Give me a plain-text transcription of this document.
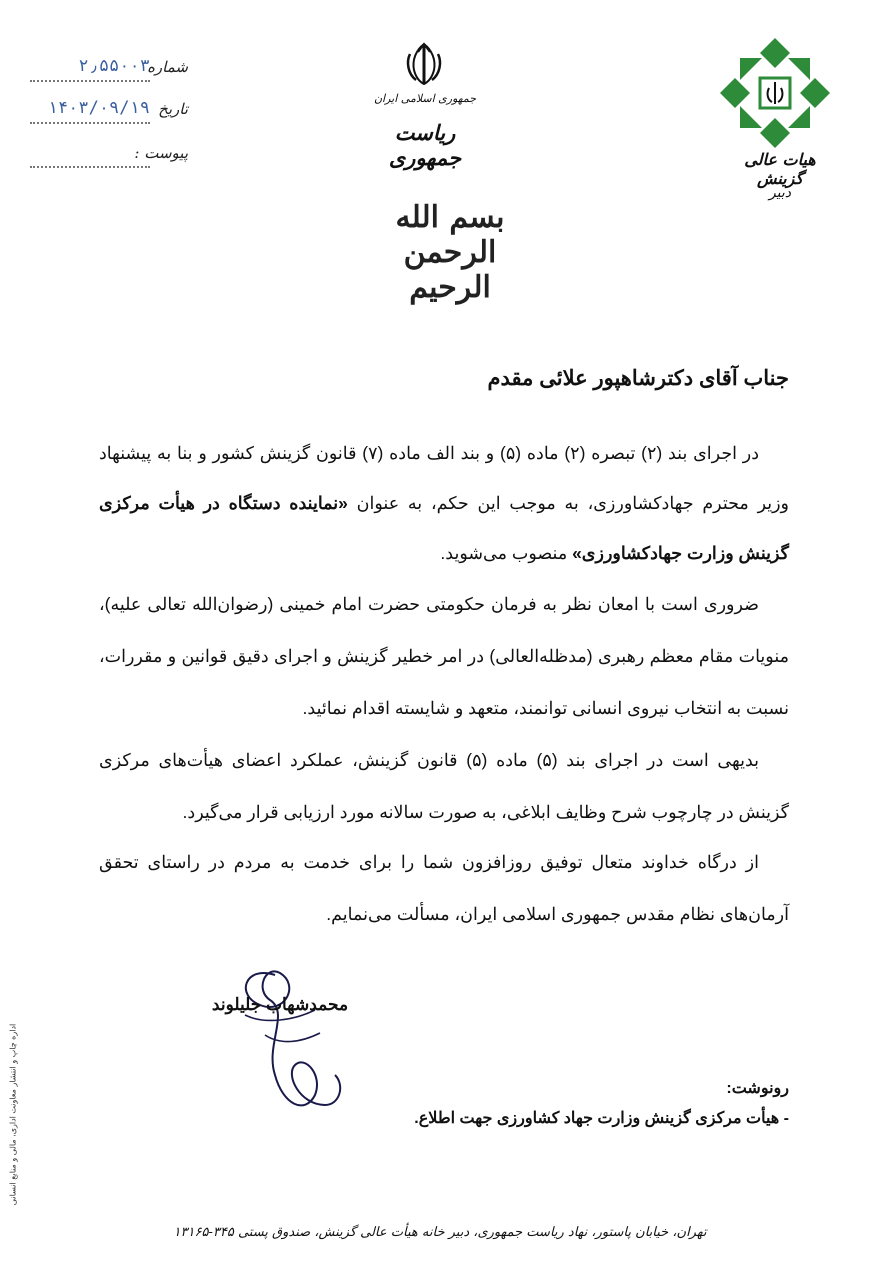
شماره
۲٫۵۵۰۰۳
تاریخ
۱۴۰۳/۰۹/۱۹
پیوست :
جمهوری اسلامی ایران
ریاست جمهوری
بسم الله الرحمن الرحیم
هیات عالی گزینش
دبیر
جناب آقای دکترشاهپور علائی مقدم
در اجرای بند (۲) تبصره (۲) ماده (۵) و بند الف ماده (۷) قانون گزینش کشور و بنا به پیشنهاد وزیر محترم جهادکشاورزی، به موجب این حکم، به عنوان «نماینده دستگاه در هیأت مرکزی گزینش وزارت جهادکشاورزی» منصوب می‌شوید.
ضروری است با امعان نظر به فرمان حکومتی حضرت امام خمینی (رضوان‌الله تعالی علیه)، منویات مقام معظم رهبری (مدظله‌العالی) در امر خطیر گزینش و اجرای دقیق قوانین و مقررات، نسبت به انتخاب نیروی انسانی توانمند، متعهد و شایسته اقدام نمائید.
بدیهی است در اجرای بند (۵) ماده (۵) قانون گزینش، عملکرد اعضای هیأت‌های مرکزی گزینش در چارچوب شرح وظایف ابلاغی، به صورت سالانه مورد ارزیابی قرار می‌گیرد.
از درگاه خداوند متعال توفیق روزافزون شما را برای خدمت به مردم در راستای تحقق آرمان‌های نظام مقدس جمهوری اسلامی ایران، مسألت می‌نمایم.
محمدشهاب جلیلوند
رونوشت:
- هیأت مرکزی گزینش وزارت جهاد کشاورزی جهت اطلاع.
تهران، خیابان پاستور، نهاد ریاست جمهوری، دبیر خانه هیأت عالی گزینش، صندوق پستی ۳۴۵-۱۳۱۶۵
اداره چاپ و انتشار معاونت اداری، مالی و منابع انسانی
